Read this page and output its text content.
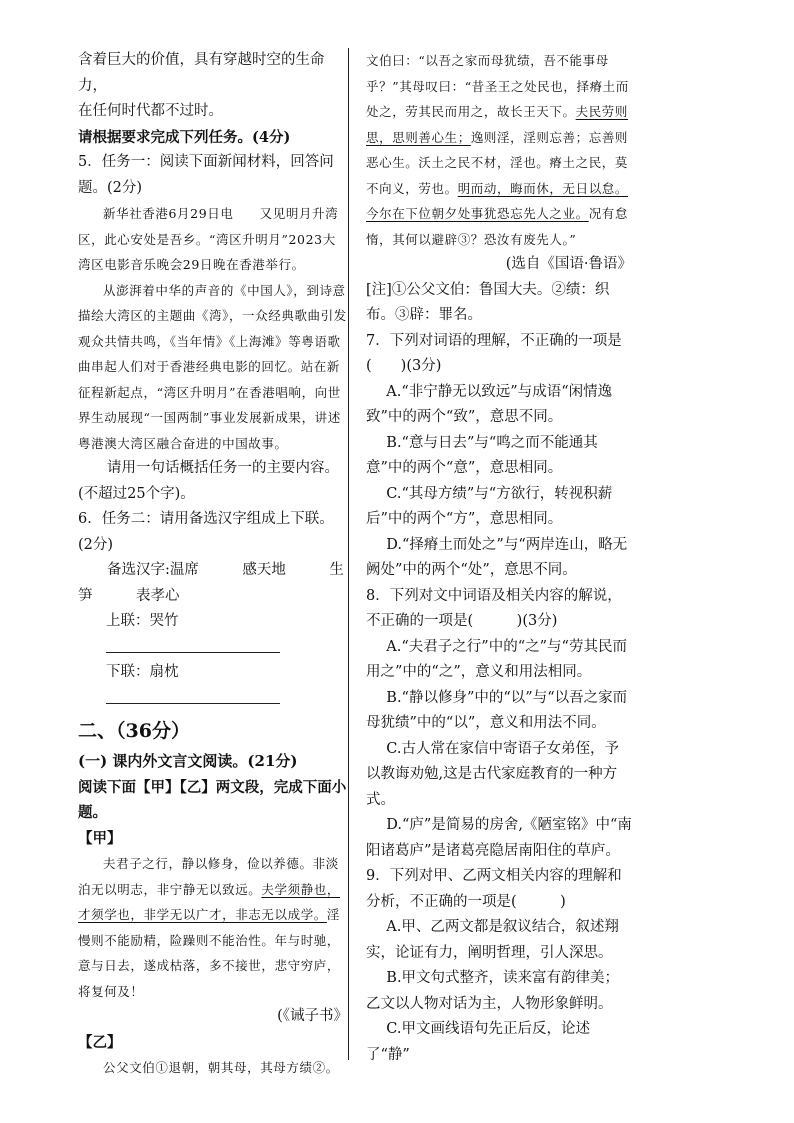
含着巨大的价值，具有穿越时空的生命力，

在任何时代都不过时。

请根据要求完成下列任务。(4分)

5．任务一：阅读下面新闻材料，回答问题。(2分)

新华社香港6月29日电　　又见明月升湾区，此心安处是吾乡。“湾区升明月”2023大湾区电影音乐晚会29日晚在香港举行。

从澎湃着中华的声音的《中国人》，到诗意描绘大湾区的主题曲《湾》，一众经典歌曲引发观众共情共鸣，《当年情》《上海滩》等粤语歌曲串起人们对于香港经典电影的回忆。站在新征程新起点，“湾区升明月”在香港唱响，向世界生动展现“一国两制”事业发展新成果，讲述粤港澳大湾区融合奋进的中国故事。

请用一句话概括任务一的主要内容。(不超过25个字)。

6．任务二：请用备选汉字组成上下联。(2分)

备选汉字:温席　　　感天地　　　生

笋　　　表孝心

上联：哭竹

下联：扇枕

二、（36分）

(一) 课内外文言文阅读。(21分)

阅读下面【甲】【乙】两文段，完成下面小题。

【甲】

夫君子之行，静以修身，俭以养德。非淡泊无以明志，非宁静无以致远。夫学须静也，才须学也，非学无以广才，非志无以成学。淫慢则不能励精，险躁则不能治性。年与时驰，意与日去，遂成枯落，多不接世，悲守穷庐，将复何及！

(《诫子书》

【乙】

公父文伯①退朝，朝其母，其母方绩②。

文伯曰：“以吾之家而母犹绩，吾不能事母乎？”其母叹曰：“昔圣王之处民也，择瘠土而处之，劳其民而用之，故长王天下。夫民劳则思，思则善心生；逸则淫，淫则忘善；忘善则恶心生。沃土之民不材，淫也。瘠土之民，莫不向义，劳也。明而动，晦而休，无日以怠。今尔在下位朝夕处事犹恐忘先人之业。况有怠惰，其何以避辟③？恐汝有废先人。”

(选自《国语·鲁语》

[注]①公父文伯：鲁国大夫。②绩：织布。③辟：罪名。

7．下列对词语的理解，不正确的一项是　(　　)(3分)

A.“非宁静无以致远”与成语“闲情逸致”中的两个“致”，意思不同。

B.“意与日去”与“鸣之而不能通其意”中的两个“意”，意思相同。

C.“其母方绩”与“方欲行，转视积薪后”中的两个“方”，意思相同。

D.“择瘠土而处之”与“两岸连山，略无阙处”中的两个“处”，意思不同。

8．下列对文中词语及相关内容的解说，不正确的一项是(　　　)(3分)

A.“夫君子之行”中的“之”与“劳其民而用之”中的“之”，意义和用法相同。

B.“静以修身”中的“以”与“以吾之家而母犹绩”中的“以”，意义和用法不同。

C.古人常在家信中寄语子女弟侄，予以教诲劝勉,这是古代家庭教育的一种方式。

D.“庐”是简易的房舍,《陋室铭》中“南阳诸葛庐”是诸葛亮隐居南阳住的草庐。

9．下列对甲、乙两文相关内容的理解和分析，不正确的一项是(　　　)

A.甲、乙两文都是叙议结合，叙述翔实，论证有力，阐明哲理，引人深思。

B.甲文句式整齐，读来富有韵律美；乙文以人物对话为主，人物形象鲜明。

C.甲文画线语句先正后反，论述了“静”
